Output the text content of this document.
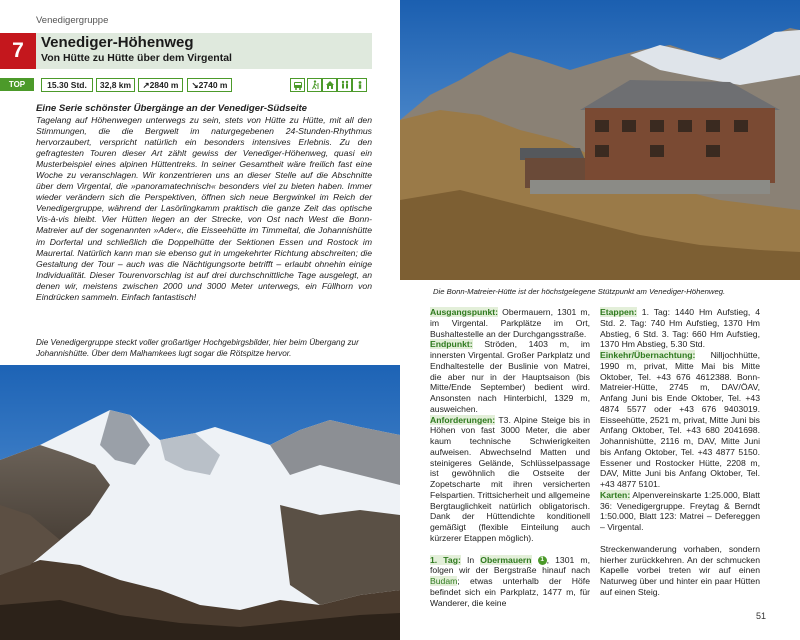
Venedigergruppe
7	Venediger-Höhenweg
Von Hütte zu Hütte über dem Virgental
TOP	15.30 Std.	32,8 km	↗2840 m	↘2740 m
Eine Serie schönster Übergänge an der Venediger-Südseite
Tagelang auf Höhenwegen unterwegs zu sein, stets von Hütte zu Hütte, mit all den Stimmungen, die die Bergwelt im naturgegebenen 24-Stunden-Rhythmus hervorzaubert, verspricht natürlich ein besonders intensives Erlebnis. Zu den gefragtesten Touren dieser Art zählt gewiss der Venediger-Höhenweg, quasi ein Musterbeispiel eines alpinen Hüttentreks. In seiner Gesamtheit wäre freilich fast eine Woche zu veranschlagen. Wir konzentrieren uns an dieser Stelle auf die Abschnitte über dem Virgental, die »panoramatechnisch« besonders viel zu bieten haben. Immer wieder verändern sich die Perspektiven, öffnen sich neue Bergwinkel im Reich der Venedigergruppe, während der Lasörlingkamm praktisch die ganze Zeit das optische Vis-à-vis bleibt. Vier Hütten liegen an der Strecke, von Ost nach West die Bonn-Matreier auf der sogenannten »Ader«, die Eisseehütte im Timmeltal, die Johannishütte im Dorfertal und schließlich die Doppelhütte der Sektionen Essen und Rostock im Maurertal. Natürlich kann man sie ebenso gut in umgekehrter Richtung abschreiten; die Gestaltung der Tour – auch was die Nächtigungsorte betrifft – erlaubt ohnehin einige Individualität. Dieser Tourenvorschlag ist auf drei durchschnittliche Tage ausgelegt, an denen wir, meistens zwischen 2000 und 3000 Meter unterwegs, ein Füllhorn von Eindrücken sammeln. Einfach fantastisch!
Die Venedigergruppe steckt voller großartiger Hochgebirgsbilder, hier beim Übergang zur Johannishütte. Über dem Malhamkees lugt sogar die Rötspitze hervor.
Die Bonn-Matreier-Hütte ist der höchstgelegene Stützpunkt am Venediger-Höhenweg.

Ausgangspunkt: Obermauern, 1301 m, im Virgental. Parkplätze im Ort, Bushaltestelle an der Durchgangsstraße.

Endpunkt: Ströden, 1403 m, im innersten Virgental. Großer Parkplatz und Endhaltestelle der Buslinie von Matrei, die aber nur in der Hauptsaison (bis Mitte/Ende September) bedient wird. Ansonsten nach Hinterbichl, 1329 m, ausweichen.

Anforderungen: T3. Alpine Steige bis in Höhen von fast 3000 Meter, die aber kaum technische Schwierigkeiten aufweisen. Abwechselnd Matten und steinigeres Gelände, Schlüsselpassage ist gewöhnlich die Ostseite der Zopetscharte mit ihren versicherten Felspartien. Trittsicherheit und allgemeine Bergtauglichkeit natürlich obligatorisch. Dank der Hüttendichte konditionell gemäßigt (flexible Einteilung auch kürzerer Etappen möglich).

1. Tag: In Obermauern 1 , 1301 m, folgen wir der Bergstraße hinauf nach Budam; etwas unterhalb der Höfe befindet sich ein Parkplatz, 1477 m, für Wanderer, die keine

Etappen: 1. Tag: 1440 Hm Aufstieg, 4 Std. 2. Tag: 740 Hm Aufstieg, 1370 Hm Abstieg, 6 Std. 3. Tag: 660 Hm Aufstieg, 1370 Hm Abstieg, 5.30 Std.

Einkehr/Übernachtung: Nilljochhütte, 1990 m, privat, Mitte Mai bis Mitte Oktober, Tel. +43 676 4612388. Bonn-Matreier-Hütte, 2745 m, DAV/ÖAV, Anfang Juni bis Ende Oktober, Tel. +43 4874 5577 oder +43 676 9403019. Eisseehütte, 2521 m, privat, Mitte Juni bis Anfang Oktober, Tel. +43 680 2041698. Johannishütte, 2116 m, DAV, Mitte Juni bis Anfang Oktober, Tel. +43 4877 5150. Essener und Rostocker Hütte, 2208 m, DAV, Mitte Juni bis Anfang Oktober, Tel. +43 4877 5101.

Karten: Alpenvereinskarte 1:25.000, Blatt 36: Venedigergruppe. Freytag & Berndt 1:50.000, Blatt 123: Matrei – Defereggen – Virgental.

Streckenwanderung vorhaben, sondern hierher zurückkehren. An der schmucken Kapelle vorbei treten wir auf einen Naturweg über und hinter ein paar Hütten auf einen Steig.

51
